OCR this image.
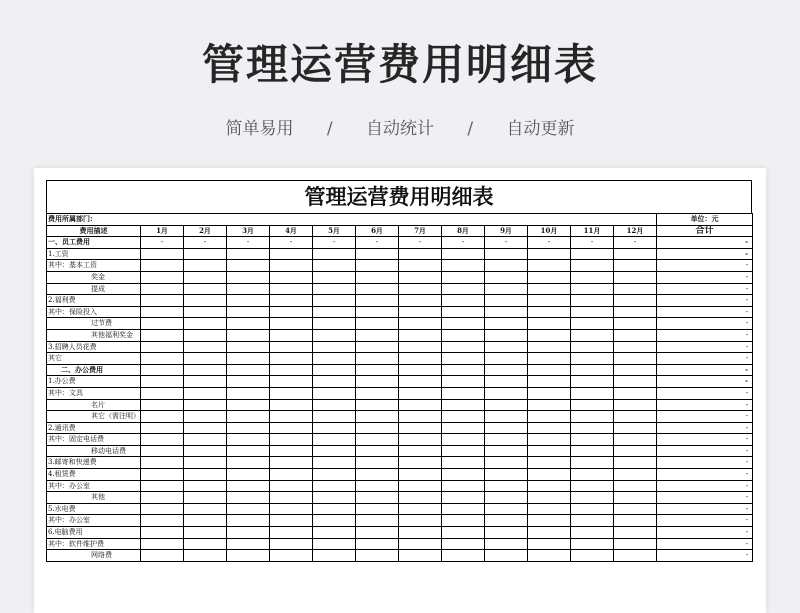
管理运营费用明细表
简单易用 / 自动统计 / 自动更新
管理运营费用明细表
费用所属部门:													单位：元
费用描述	1月	2月	3月	4月	5月	6月	7月	8月	9月	10月	11月	12月	合计
一、员工费用	-	-	-	-	-	-	-	-	-	-	-	-	-
1.工资													-
其中：基本工资													-
奖金													-
提成													-
2.福利费													-
其中：保险投入													-
过节费													-
其他福利奖金													-
3.招聘人员花费													-
其它													-
二、办公费用													-
1.办公费													-
其中：文具													-
名片													-
其它（需注明）													-
2.通讯费													-
其中：固定电话费													-
移动电话费													-
3.邮寄和快递费													-
4.租赁费													-
其中：办公室													-
其他													-
5.水电费													-
其中：办公室													-
6.电脑费用													-
其中：软件维护费													-
网络费													-
